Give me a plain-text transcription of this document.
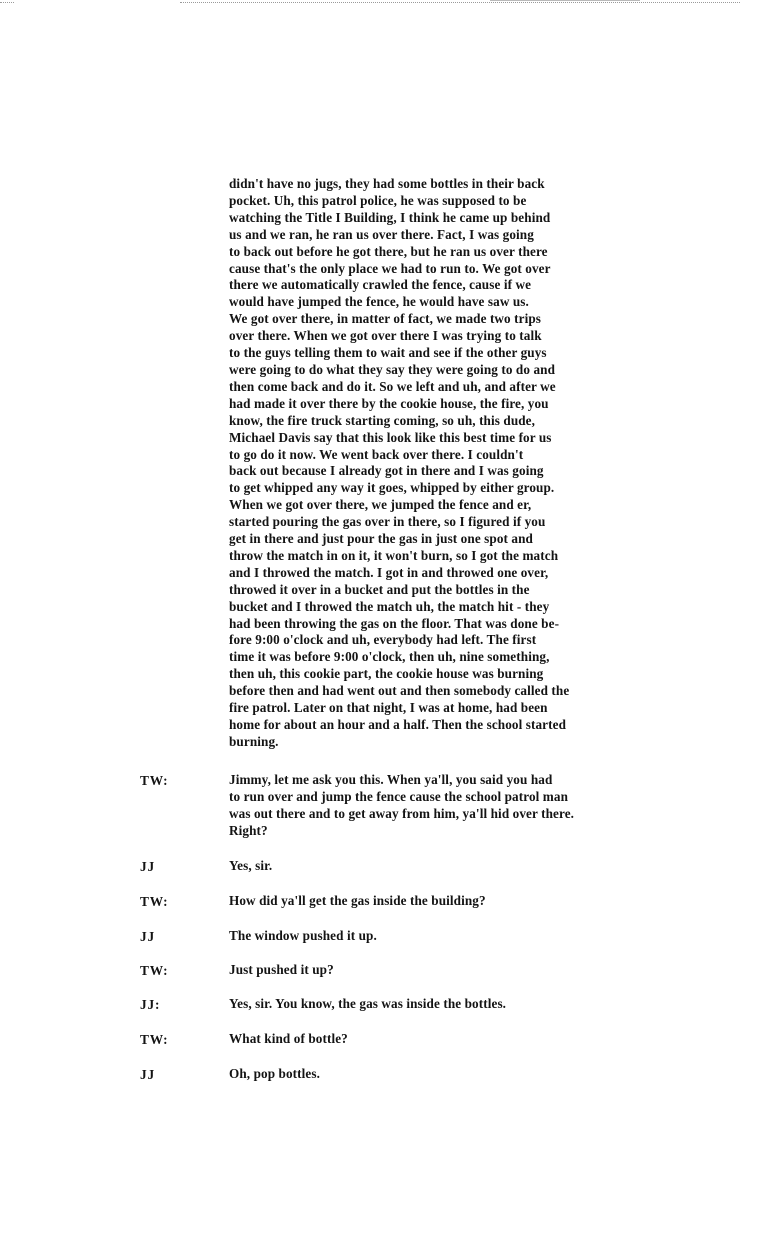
didn't have no jugs, they had some bottles in their back
pocket. Uh, this patrol police, he was supposed to be
watching the Title I Building, I think he came up behind
us and we ran, he ran us over there. Fact, I was going
to back out before he got there, but he ran us over there
cause that's the only place we had to run to. We got over
there we automatically crawled the fence, cause if we
would have jumped the fence, he would have saw us.
We got over there, in matter of fact, we made two trips
over there. When we got over there I was trying to talk
to the guys telling them to wait and see if the other guys
were going to do what they say they were going to do and
then come back and do it. So we left and uh, and after we
had made it over there by the cookie house, the fire, you
know, the fire truck starting coming, so uh, this dude,
Michael Davis say that this look like this best time for us
to go do it now. We went back over there. I couldn't
back out because I already got in there and I was going
to get whipped any way it goes, whipped by either group.
When we got over there, we jumped the fence and er,
started pouring the gas over in there, so I figured if you
get in there and just pour the gas in just one spot and
throw the match in on it, it won't burn, so I got the match
and I throwed the match. I got in and throwed one over,
throwed it over in a bucket and put the bottles in the
bucket and I throwed the match uh, the match hit - they
had been throwing the gas on the floor. That was done be-
fore 9:00 o'clock and uh, everybody had left. The first
time it was before 9:00 o'clock, then uh, nine something,
then uh, this cookie part, the cookie house was burning
before then and had went out and then somebody called the
fire patrol. Later on that night, I was at home, had been
home for about an hour and a half. Then the school started
burning.
TW:	Jimmy, let me ask you this. When ya'll, you said you had
to run over and jump the fence cause the school patrol man
was out there and to get away from him, ya'll hid over there.
Right?
JJ	Yes, sir.
TW:	How did ya'll get the gas inside the building?
JJ	The window pushed it up.
TW:	Just pushed it up?
JJ:	Yes, sir. You know, the gas was inside the bottles.
TW:	What kind of bottle?
JJ	Oh, pop bottles.
